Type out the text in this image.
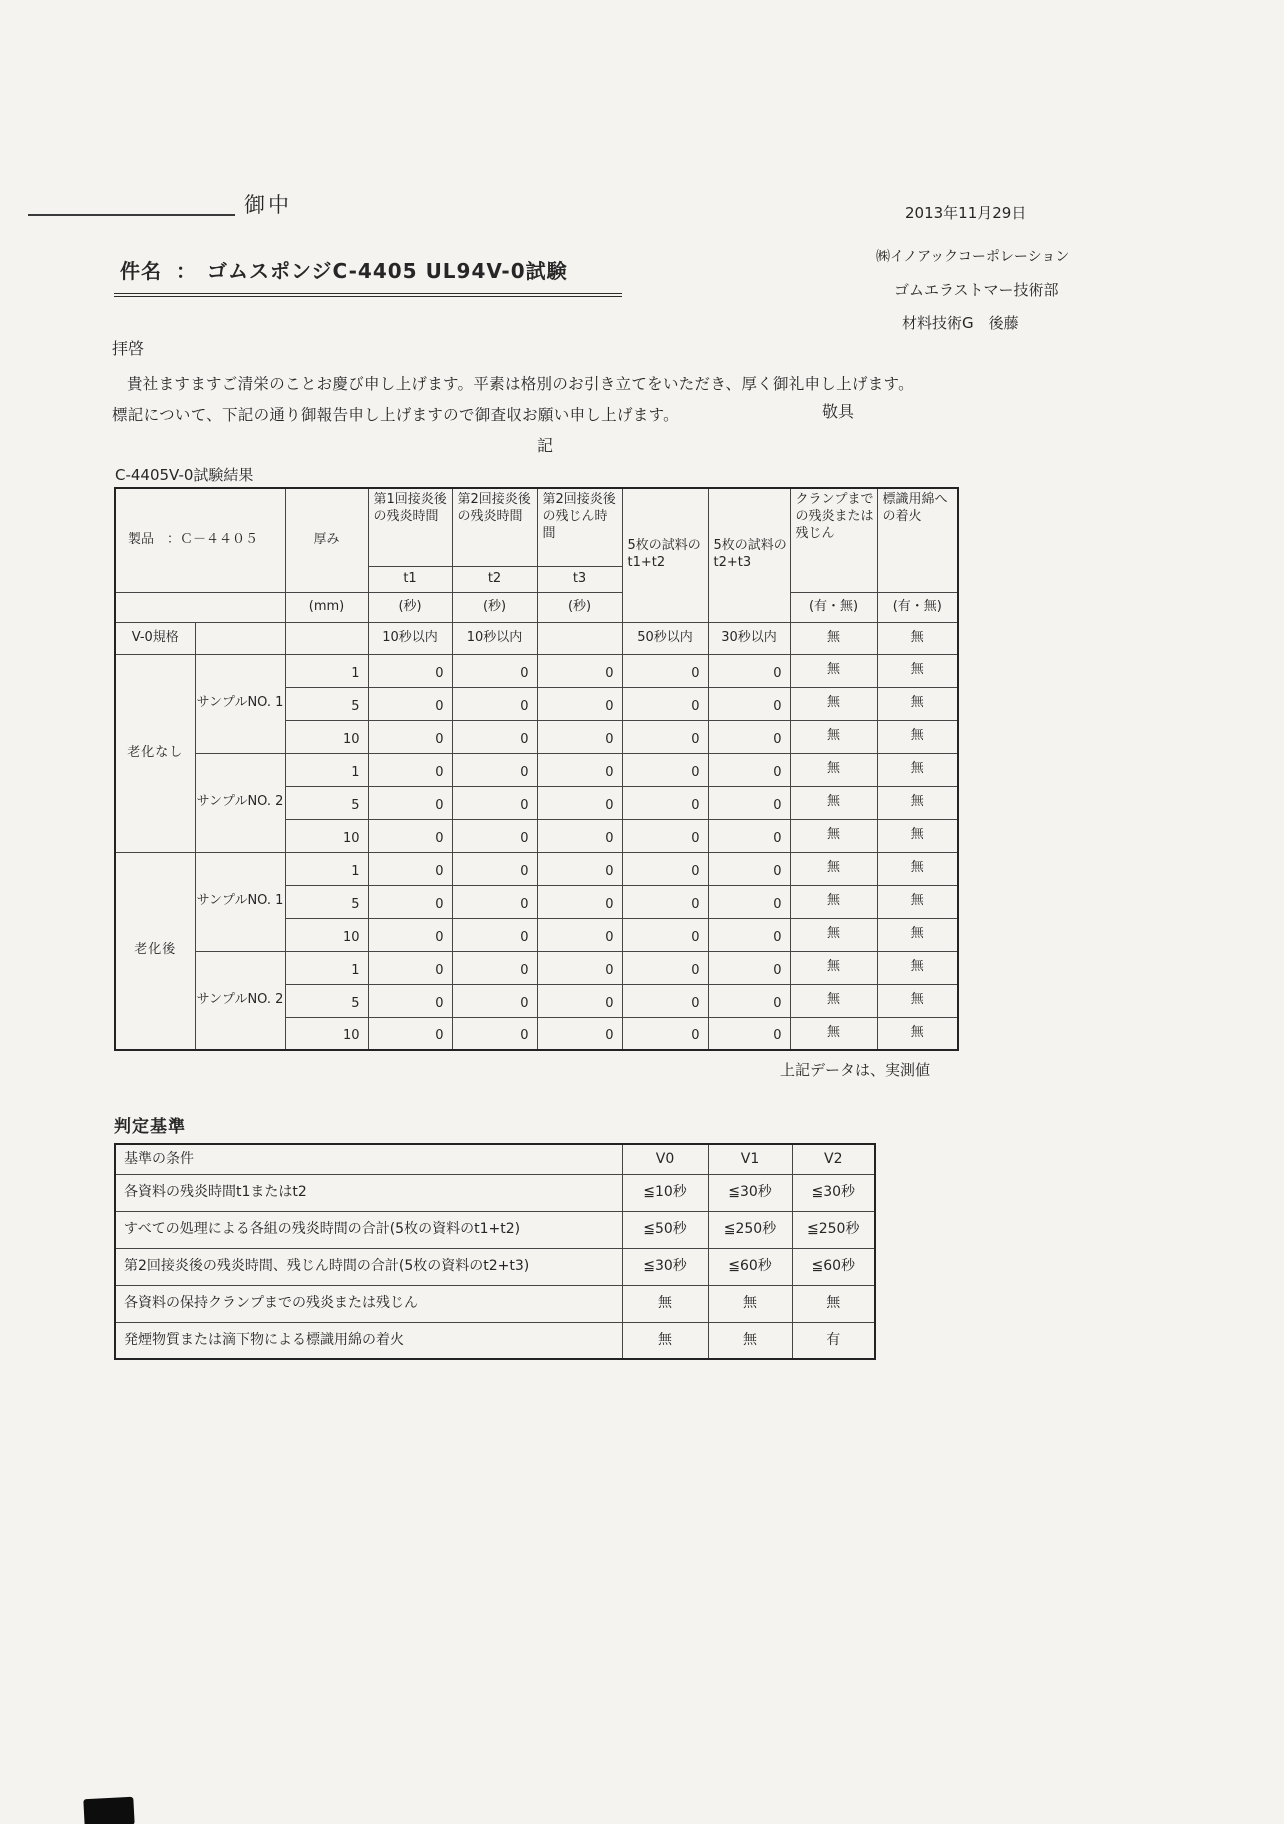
御中	2013年11月29日
㈱イノアックコーポレーション
ゴムエラストマー技術部
材料技術G　後藤
件名 ： ゴムスポンジC-4405 UL94V-0試験
拝啓
貴社ますますご清栄のことお慶び申し上げます。平素は格別のお引き立てをいただき、厚く御礼申し上げます。
標記について、下記の通り御報告申し上げますので御査収お願い申し上げます。	敬具
記
C-4405V-0試験結果
製品　：Ｃ－４４０５		厚み	第1回接炎後の残炎時間	第2回接炎後の残炎時間	第2回接炎後の残じん時間	5枚の試料のt1+t2	5枚の試料のt2+t3	クランプまでの残炎または残じん	標識用綿への着火
			t1	t2	t3				
		(mm)	(秒)	(秒)	(秒)			(有・無)	(有・無)
V-0規格			10秒以内	10秒以内		50秒以内	30秒以内	無	無
老化なし	サンプルNO. 1	1	0	0	0	0	0	無	無
		5	0	0	0	0	0	無	無
		10	0	0	0	0	0	無	無
	サンプルNO. 2	1	0	0	0	0	0	無	無
		5	0	0	0	0	0	無	無
		10	0	0	0	0	0	無	無
老化後	サンプルNO. 1	1	0	0	0	0	0	無	無
		5	0	0	0	0	0	無	無
		10	0	0	0	0	0	無	無
	サンプルNO. 2	1	0	0	0	0	0	無	無
		5	0	0	0	0	0	無	無
		10	0	0	0	0	0	無	無
上記データは、実測値
判定基準
基準の条件	V0	V1	V2
各資料の残炎時間t1またはt2	≦10秒	≦30秒	≦30秒
すべての処理による各組の残炎時間の合計(5枚の資料のt1+t2)	≦50秒	≦250秒	≦250秒
第2回接炎後の残炎時間、残じん時間の合計(5枚の資料のt2+t3)	≦30秒	≦60秒	≦60秒
各資料の保持クランプまでの残炎または残じん	無	無	無
発煙物質または滴下物による標識用綿の着火	無	無	有
